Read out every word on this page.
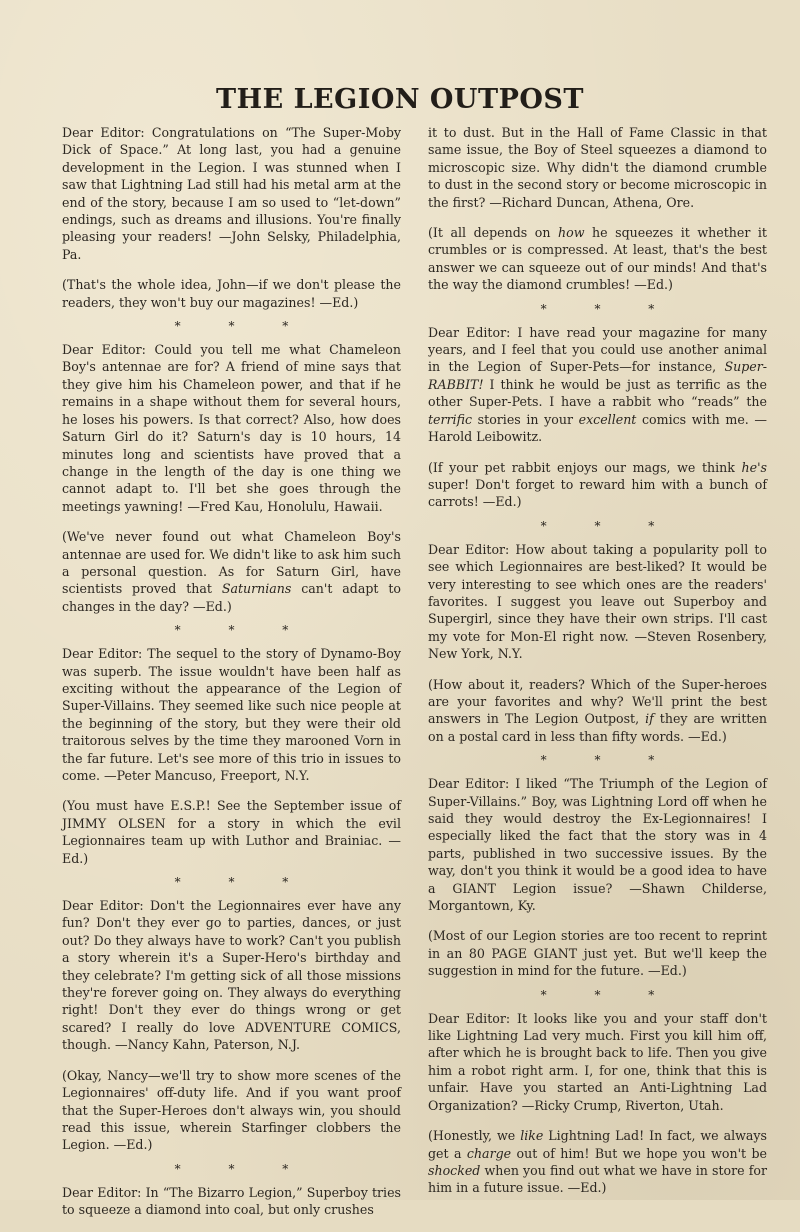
THE LEGION OUTPOST

Dear Editor: Congratulations on “The Super-Moby Dick of Space.” At long last, you had a genuine development in the Legion. I was stunned when I saw that Lightning Lad still had his metal arm at the end of the story, because I am so used to “let-down” endings, such as dreams and illusions. You're finally pleasing your readers! —John Selsky, Philadelphia, Pa.

(That's the whole idea, John—if we don't please the readers, they won't buy our magazines! —Ed.)

* * *

Dear Editor: Could you tell me what Chameleon Boy's antennae are for? A friend of mine says that they give him his Chameleon power, and that if he remains in a shape without them for several hours, he loses his powers. Is that correct? Also, how does Saturn Girl do it? Saturn's day is 10 hours, 14 minutes long and scientists have proved that a change in the length of the day is one thing we cannot adapt to. I'll bet she goes through the meetings yawning! —Fred Kau, Honolulu, Hawaii.

(We've never found out what Chameleon Boy's antennae are used for. We didn't like to ask him such a personal question. As for Saturn Girl, have scientists proved that Saturnians can't adapt to changes in the day? —Ed.)

* * *

Dear Editor: The sequel to the story of Dynamo-Boy was superb. The issue wouldn't have been half as exciting without the appearance of the Legion of Super-Villains. They seemed like such nice people at the beginning of the story, but they were their old traitorous selves by the time they marooned Vorn in the far future. Let's see more of this trio in issues to come. —Peter Mancuso, Freeport, N.Y.

(You must have E.S.P.! See the September issue of JIMMY OLSEN for a story in which the evil Legionnaires team up with Luthor and Brainiac. —Ed.)

* * *

Dear Editor: Don't the Legionnaires ever have any fun? Don't they ever go to parties, dances, or just out? Do they always have to work? Can't you publish a story wherein it's a Super-Hero's birthday and they celebrate? I'm getting sick of all those missions they're forever going on. They always do everything right! Don't they ever do things wrong or get scared? I really do love ADVENTURE COMICS, though. —Nancy Kahn, Paterson, N.J.

(Okay, Nancy—we'll try to show more scenes of the Legionnaires' off-duty life. And if you want proof that the Super-Heroes don't always win, you should read this issue, wherein Starfinger clobbers the Legion. —Ed.)

* * *

Dear Editor: In “The Bizarro Legion,” Superboy tries to squeeze a diamond into coal, but only crushes

it to dust. But in the Hall of Fame Classic in that same issue, the Boy of Steel squeezes a diamond to microscopic size. Why didn't the diamond crumble to dust in the second story or become microscopic in the first? —Richard Duncan, Athena, Ore.

(It all depends on how he squeezes it whether it crumbles or is compressed. At least, that's the best answer we can squeeze out of our minds! And that's the way the diamond crumbles! —Ed.)

* * *

Dear Editor: I have read your magazine for many years, and I feel that you could use another animal in the Legion of Super-Pets—for instance, Super-RABBIT! I think he would be just as terrific as the other Super-Pets. I have a rabbit who “reads” the terrific stories in your excellent comics with me. —Harold Leibowitz.

(If your pet rabbit enjoys our mags, we think he's super! Don't forget to reward him with a bunch of carrots! —Ed.)

* * *

Dear Editor: How about taking a popularity poll to see which Legionnaires are best-liked? It would be very interesting to see which ones are the readers' favorites. I suggest you leave out Superboy and Supergirl, since they have their own strips. I'll cast my vote for Mon-El right now. —Steven Rosenbery, New York, N.Y.

(How about it, readers? Which of the Super-heroes are your favorites and why? We'll print the best answers in The Legion Outpost, if they are written on a postal card in less than fifty words. —Ed.)

* * *

Dear Editor: I liked “The Triumph of the Legion of Super-Villains.” Boy, was Lightning Lord off when he said they would destroy the Ex-Legionnaires! I especially liked the fact that the story was in 4 parts, published in two successive issues. By the way, don't you think it would be a good idea to have a GIANT Legion issue? —Shawn Childerse, Morgantown, Ky.

(Most of our Legion stories are too recent to reprint in an 80 PAGE GIANT just yet. But we'll keep the suggestion in mind for the future. —Ed.)

* * *

Dear Editor: It looks like you and your staff don't like Lightning Lad very much. First you kill him off, after which he is brought back to life. Then you give him a robot right arm. I, for one, think that this is unfair. Have you started an Anti-Lightning Lad Organization? —Ricky Crump, Riverton, Utah.

(Honestly, we like Lightning Lad! In fact, we always get a charge out of him! But we hope you won't be shocked when you find out what we have in store for him in a future issue. —Ed.)
